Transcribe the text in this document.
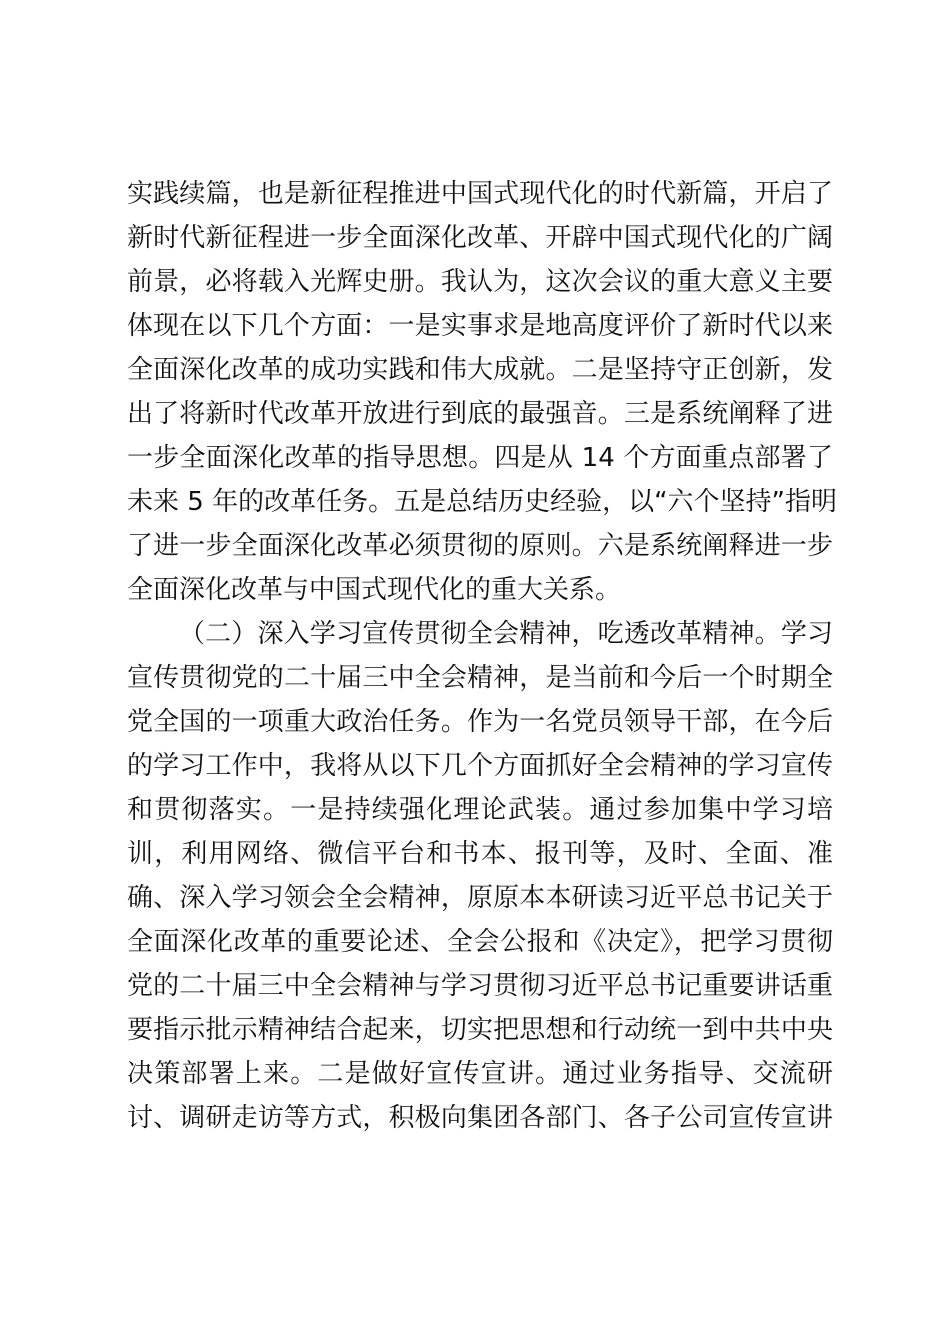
实践续篇，也是新征程推进中国式现代化的时代新篇，开启了
新时代新征程进一步全面深化改革、开辟中国式现代化的广阔
前景，必将载入光辉史册。我认为，这次会议的重大意义主要
体现在以下几个方面：一是实事求是地高度评价了新时代以来
全面深化改革的成功实践和伟大成就。二是坚持守正创新，发
出了将新时代改革开放进行到底的最强音。三是系统阐释了进
一步全面深化改革的指导思想。四是从 14 个方面重点部署了
未来 5 年的改革任务。五是总结历史经验，以“六个坚持”指明
了进一步全面深化改革必须贯彻的原则。六是系统阐释进一步
全面深化改革与中国式现代化的重大关系。
（二）深入学习宣传贯彻全会精神，吃透改革精神。学习
宣传贯彻党的二十届三中全会精神，是当前和今后一个时期全
党全国的一项重大政治任务。作为一名党员领导干部，在今后
的学习工作中，我将从以下几个方面抓好全会精神的学习宣传
和贯彻落实。一是持续强化理论武装。通过参加集中学习培
训，利用网络、微信平台和书本、报刊等，及时、全面、准
确、深入学习领会全会精神，原原本本研读习近平总书记关于
全面深化改革的重要论述、全会公报和《决定》，把学习贯彻
党的二十届三中全会精神与学习贯彻习近平总书记重要讲话重
要指示批示精神结合起来，切实把思想和行动统一到中共中央
决策部署上来。二是做好宣传宣讲。通过业务指导、交流研
讨、调研走访等方式，积极向集团各部门、各子公司宣传宣讲
